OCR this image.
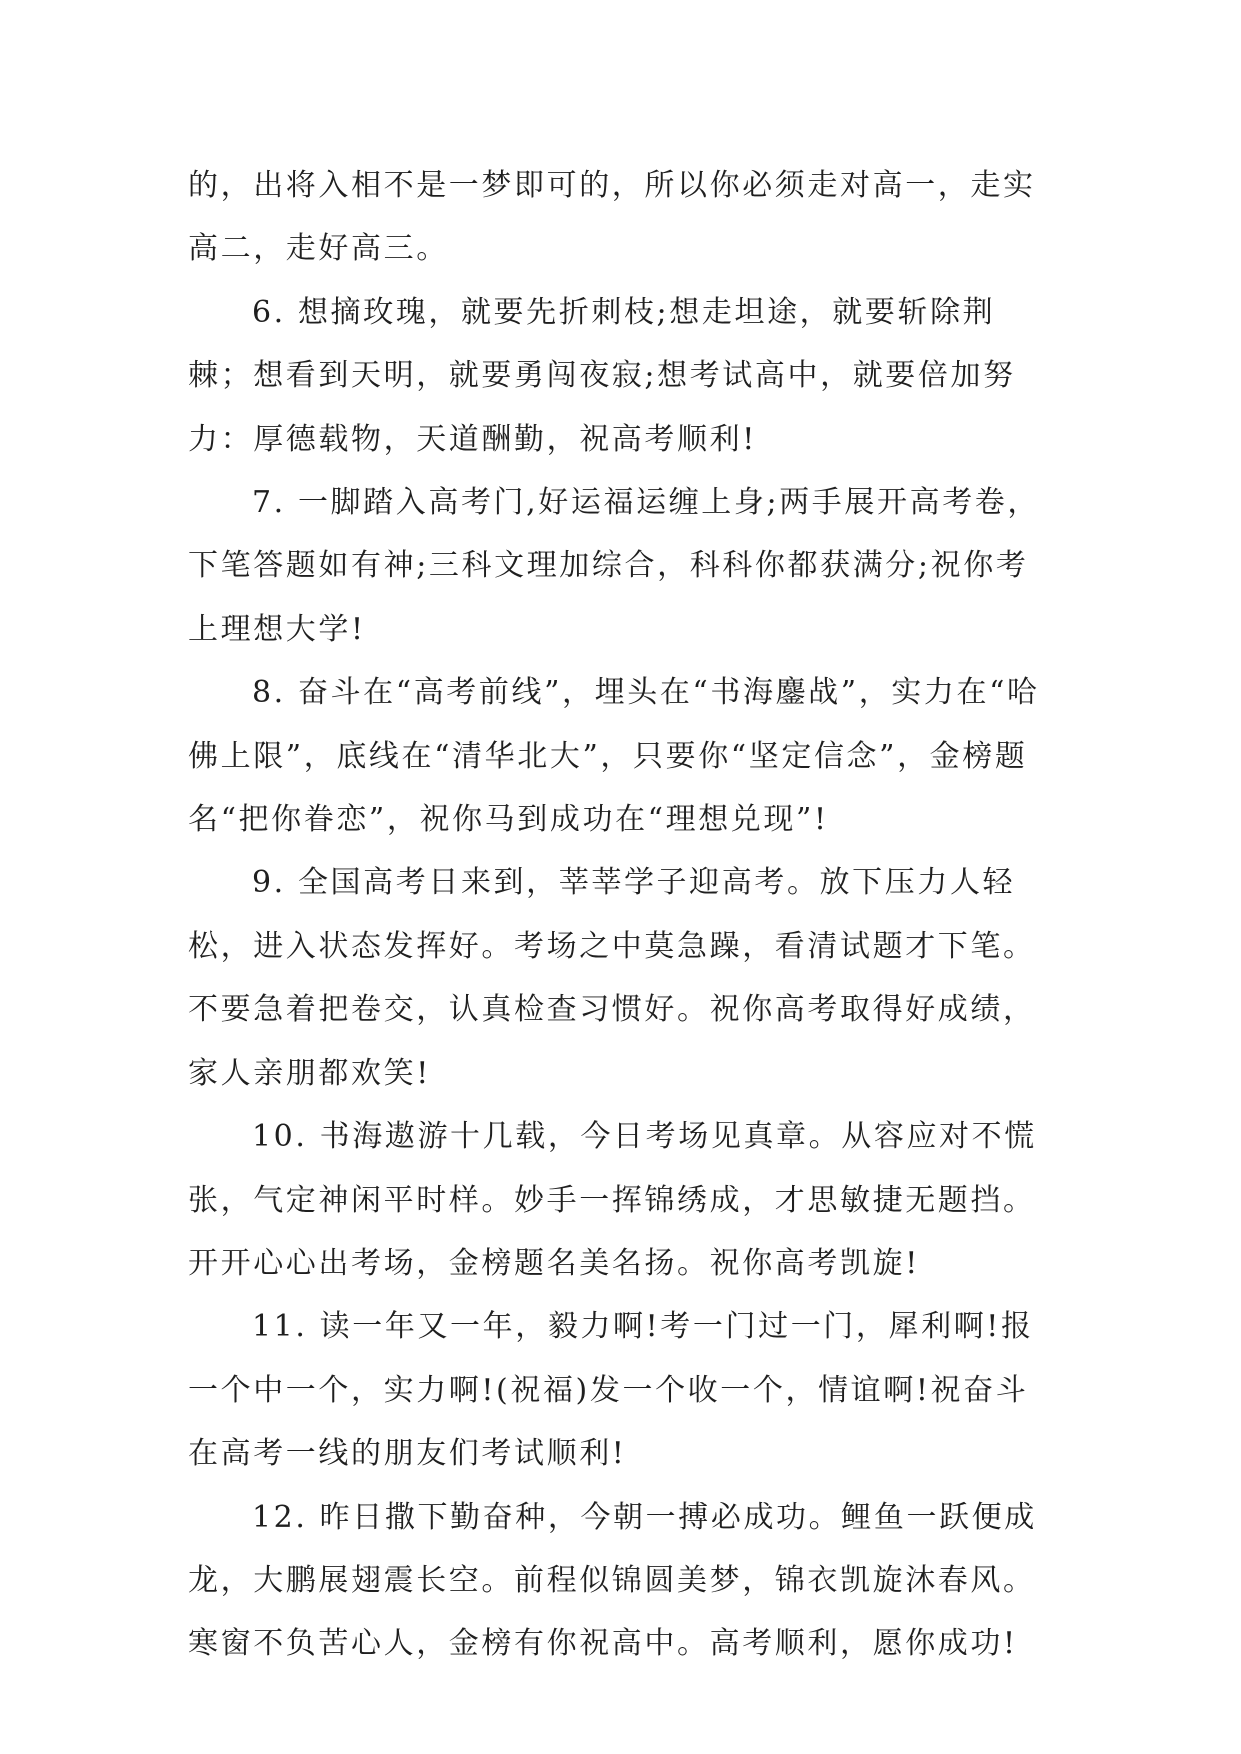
的，出将入相不是一梦即可的，所以你必须走对高一，走实高二，走好高三。

6. 想摘玫瑰，就要先折刺枝;想走坦途，就要斩除荆棘；想看到天明，就要勇闯夜寂;想考试高中，就要倍加努力：厚德载物，天道酬勤，祝高考顺利!

7. 一脚踏入高考门,好运福运缠上身;两手展开高考卷，下笔答题如有神;三科文理加综合，科科你都获满分;祝你考上理想大学!

8. 奋斗在“高考前线”，埋头在“书海鏖战”，实力在“哈佛上限”，底线在“清华北大”，只要你“坚定信念”，金榜题名“把你眷恋”，祝你马到成功在“理想兑现”!

9. 全国高考日来到，莘莘学子迎高考。放下压力人轻松，进入状态发挥好。考场之中莫急躁，看清试题才下笔。不要急着把卷交，认真检查习惯好。祝你高考取得好成绩，家人亲朋都欢笑!

10. 书海遨游十几载，今日考场见真章。从容应对不慌张，气定神闲平时样。妙手一挥锦绣成，才思敏捷无题挡。开开心心出考场，金榜题名美名扬。祝你高考凯旋!

11. 读一年又一年，毅力啊!考一门过一门，犀利啊!报一个中一个，实力啊!(祝福)发一个收一个，情谊啊!祝奋斗在高考一线的朋友们考试顺利!

12. 昨日撒下勤奋种，今朝一搏必成功。鲤鱼一跃便成龙，大鹏展翅震长空。前程似锦圆美梦，锦衣凯旋沐春风。寒窗不负苦心人，金榜有你祝高中。高考顺利，愿你成功!
